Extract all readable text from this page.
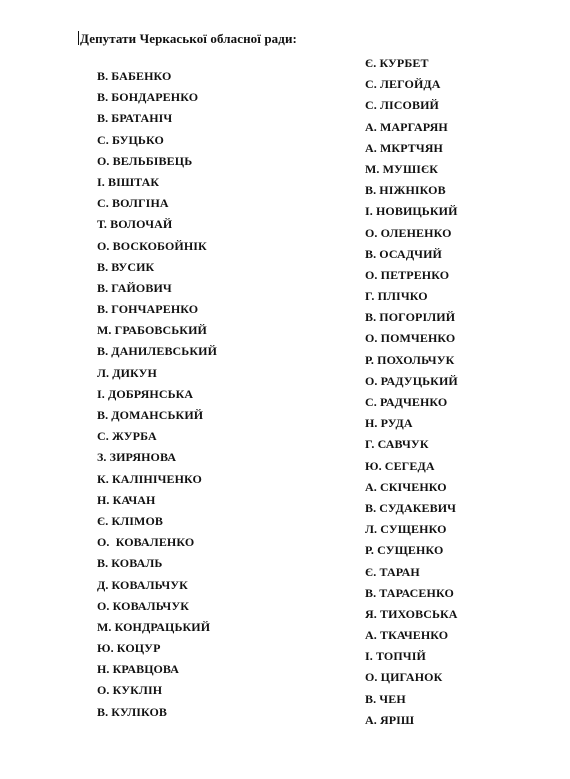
Депутати Черкаської обласної ради:
В. БАБЕНКО
В. БОНДАРЕНКО
В. БРАТАНІЧ
С. БУЦЬКО
О. ВЕЛЬБІВЕЦЬ
І. ВІШТАК
С. ВОЛГІНА
Т. ВОЛОЧАЙ
О. ВОСКОБОЙНІК
В. ВУСИК
В. ГАЙОВИЧ
В. ГОНЧАРЕНКО
М. ГРАБОВСЬКИЙ
В. ДАНИЛЕВСЬКИЙ
Л. ДИКУН
І. ДОБРЯНСЬКА
В. ДОМАНСЬКИЙ
С. ЖУРБА
З. ЗИРЯНОВА
К. КАЛІНІЧЕНКО
Н. КАЧАН
Є. КЛІМОВ
О.  КОВАЛЕНКО
В. КОВАЛЬ
Д. КОВАЛЬЧУК
О. КОВАЛЬЧУК
М. КОНДРАЦЬКИЙ
Ю. КОЦУР
Н. КРАВЦОВА
О. КУКЛІН
В. КУЛІКОВ
Є. КУРБЕТ
С. ЛЕГОЙДА
С. ЛІСОВИЙ
А. МАРГАРЯН
А. МКРТЧЯН
М. МУШІЄК
В. НІЖНІКОВ
І. НОВИЦЬКИЙ
О. ОЛЕНЕНКО
В. ОСАДЧИЙ
О. ПЕТРЕНКО
Г. ПЛІЧКО
В. ПОГОРІЛИЙ
О. ПОМЧЕНКО
Р. ПОХОЛЬЧУК
О. РАДУЦЬКИЙ
С. РАДЧЕНКО
Н. РУДА
Г. САВЧУК
Ю. СЕГЕДА
А. СКІЧЕНКО
В. СУДАКЕВИЧ
Л. СУЩЕНКО
Р. СУЩЕНКО
Є. ТАРАН
В. ТАРАСЕНКО
Я. ТИХОВСЬКА
А. ТКАЧЕНКО
І. ТОПЧІЙ
О. ЦИГАНОК
В. ЧЕН
А. ЯРІШ
